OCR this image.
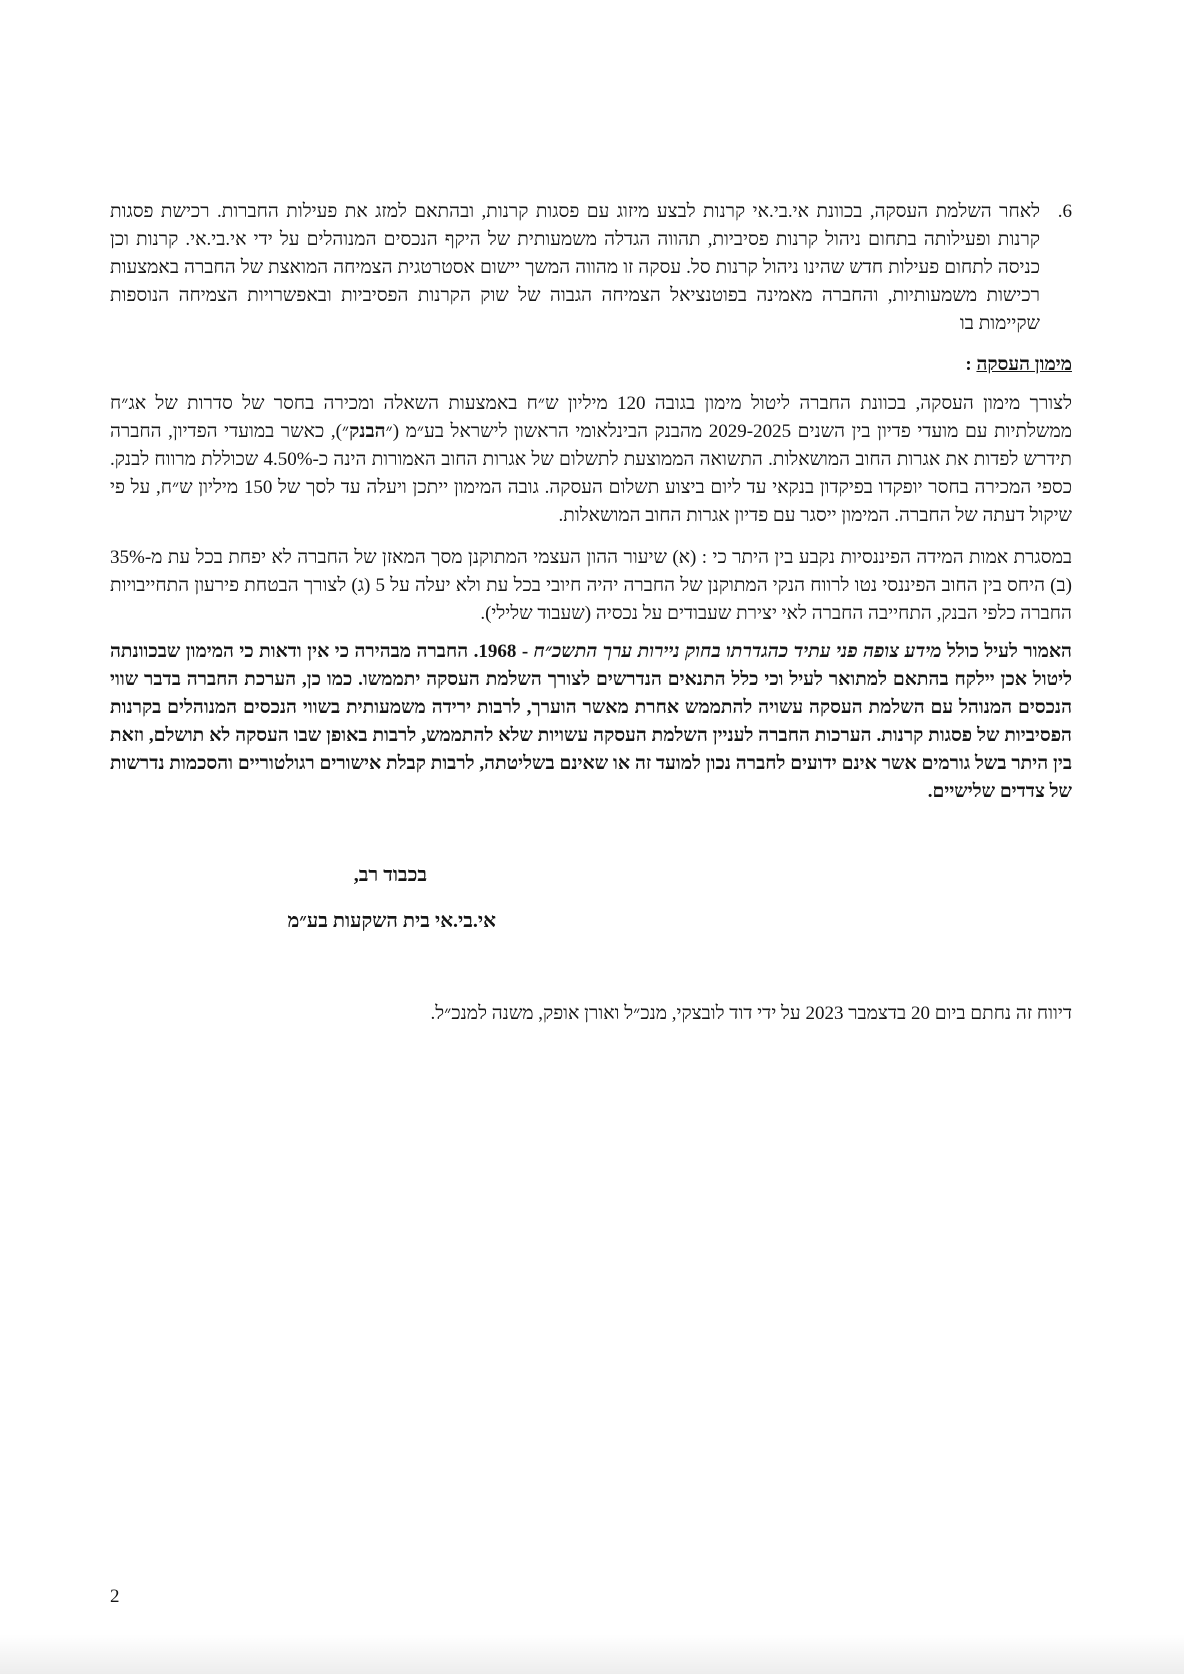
6.
לאחר השלמת העסקה, בכוונת אי.בי.אי קרנות לבצע מיזוג עם פסגות קרנות, ובהתאם למזג את פעילות החברות. רכישת פסגות קרנות ופעילותה בתחום ניהול קרנות פסיביות, תהווה הגדלה משמעותית של היקף הנכסים המנוהלים על ידי אי.בי.אי. קרנות וכן כניסה לתחום פעילות חדש שהינו ניהול קרנות סל. עסקה זו מהווה המשך יישום אסטרטגית הצמיחה המואצת של החברה באמצעות רכישות משמעותיות, והחברה מאמינה בפוטנציאל הצמיחה הגבוה של שוק הקרנות הפסיביות ובאפשרויות הצמיחה הנוספות שקיימות בו
מימון העסקה :
לצורך מימון העסקה, בכוונת החברה ליטול מימון בגובה 120 מיליון ש״ח באמצעות השאלה ומכירה בחסר של סדרות של אג״ח ממשלתיות עם מועדי פדיון בין השנים 2029-2025 מהבנק הבינלאומי הראשון לישראל בע״מ (״הבנק״), כאשר במועדי הפדיון, החברה תידרש לפדות את אגרות החוב המושאלות. התשואה הממוצעת לתשלום של אגרות החוב האמורות הינה כ-4.50% שכוללת מרווח לבנק. כספי המכירה בחסר יופקדו בפיקדון בנקאי עד ליום ביצוע תשלום העסקה. גובה המימון ייתכן ויעלה עד לסך של 150 מיליון ש״ח, על פי שיקול דעתה של החברה. המימון ייסגר עם פדיון אגרות החוב המושאלות.
במסגרת אמות המידה הפיננסיות נקבע בין היתר כי : (א) שיעור ההון העצמי המתוקנן מסך המאזן של החברה לא יפחת בכל עת מ-35% (ב) היחס בין החוב הפיננסי נטו לרווח הנקי המתוקנן של החברה יהיה חיובי בכל עת ולא יעלה על 5 (ג) לצורך הבטחת פירעון התחייבויות החברה כלפי הבנק, התחייבה החברה לאי יצירת שעבודים על נכסיה (שעבוד שלילי).
האמור לעיל כולל מידע צופה פני עתיד כהגדרתו בחוק ניירות ערך התשכ״ח - 1968. החברה מבהירה כי אין ודאות כי המימון שבכוונתה ליטול אכן יילקח בהתאם למתואר לעיל וכי כלל התנאים הנדרשים לצורך השלמת העסקה יתממשו. כמו כן, הערכת החברה בדבר שווי הנכסים המנוהל עם השלמת העסקה עשויה להתממש אחרת מאשר הוערך, לרבות ירידה משמעותית בשווי הנכסים המנוהלים בקרנות הפסיביות של פסגות קרנות. הערכות החברה לעניין השלמת העסקה עשויות שלא להתממש, לרבות באופן שבו העסקה לא תושלם, וזאת בין היתר בשל גורמים אשר אינם ידועים לחברה נכון למועד זה או שאינם בשליטתה, לרבות קבלת אישורים רגולטוריים והסכמות נדרשות של צדדים שלישיים.
בכבוד רב,
אי.בי.אי בית השקעות בע״מ
דיווח זה נחתם ביום 20 בדצמבר 2023 על ידי דוד לובצקי, מנכ״ל ואורן אופק, משנה למנכ״ל.
2
